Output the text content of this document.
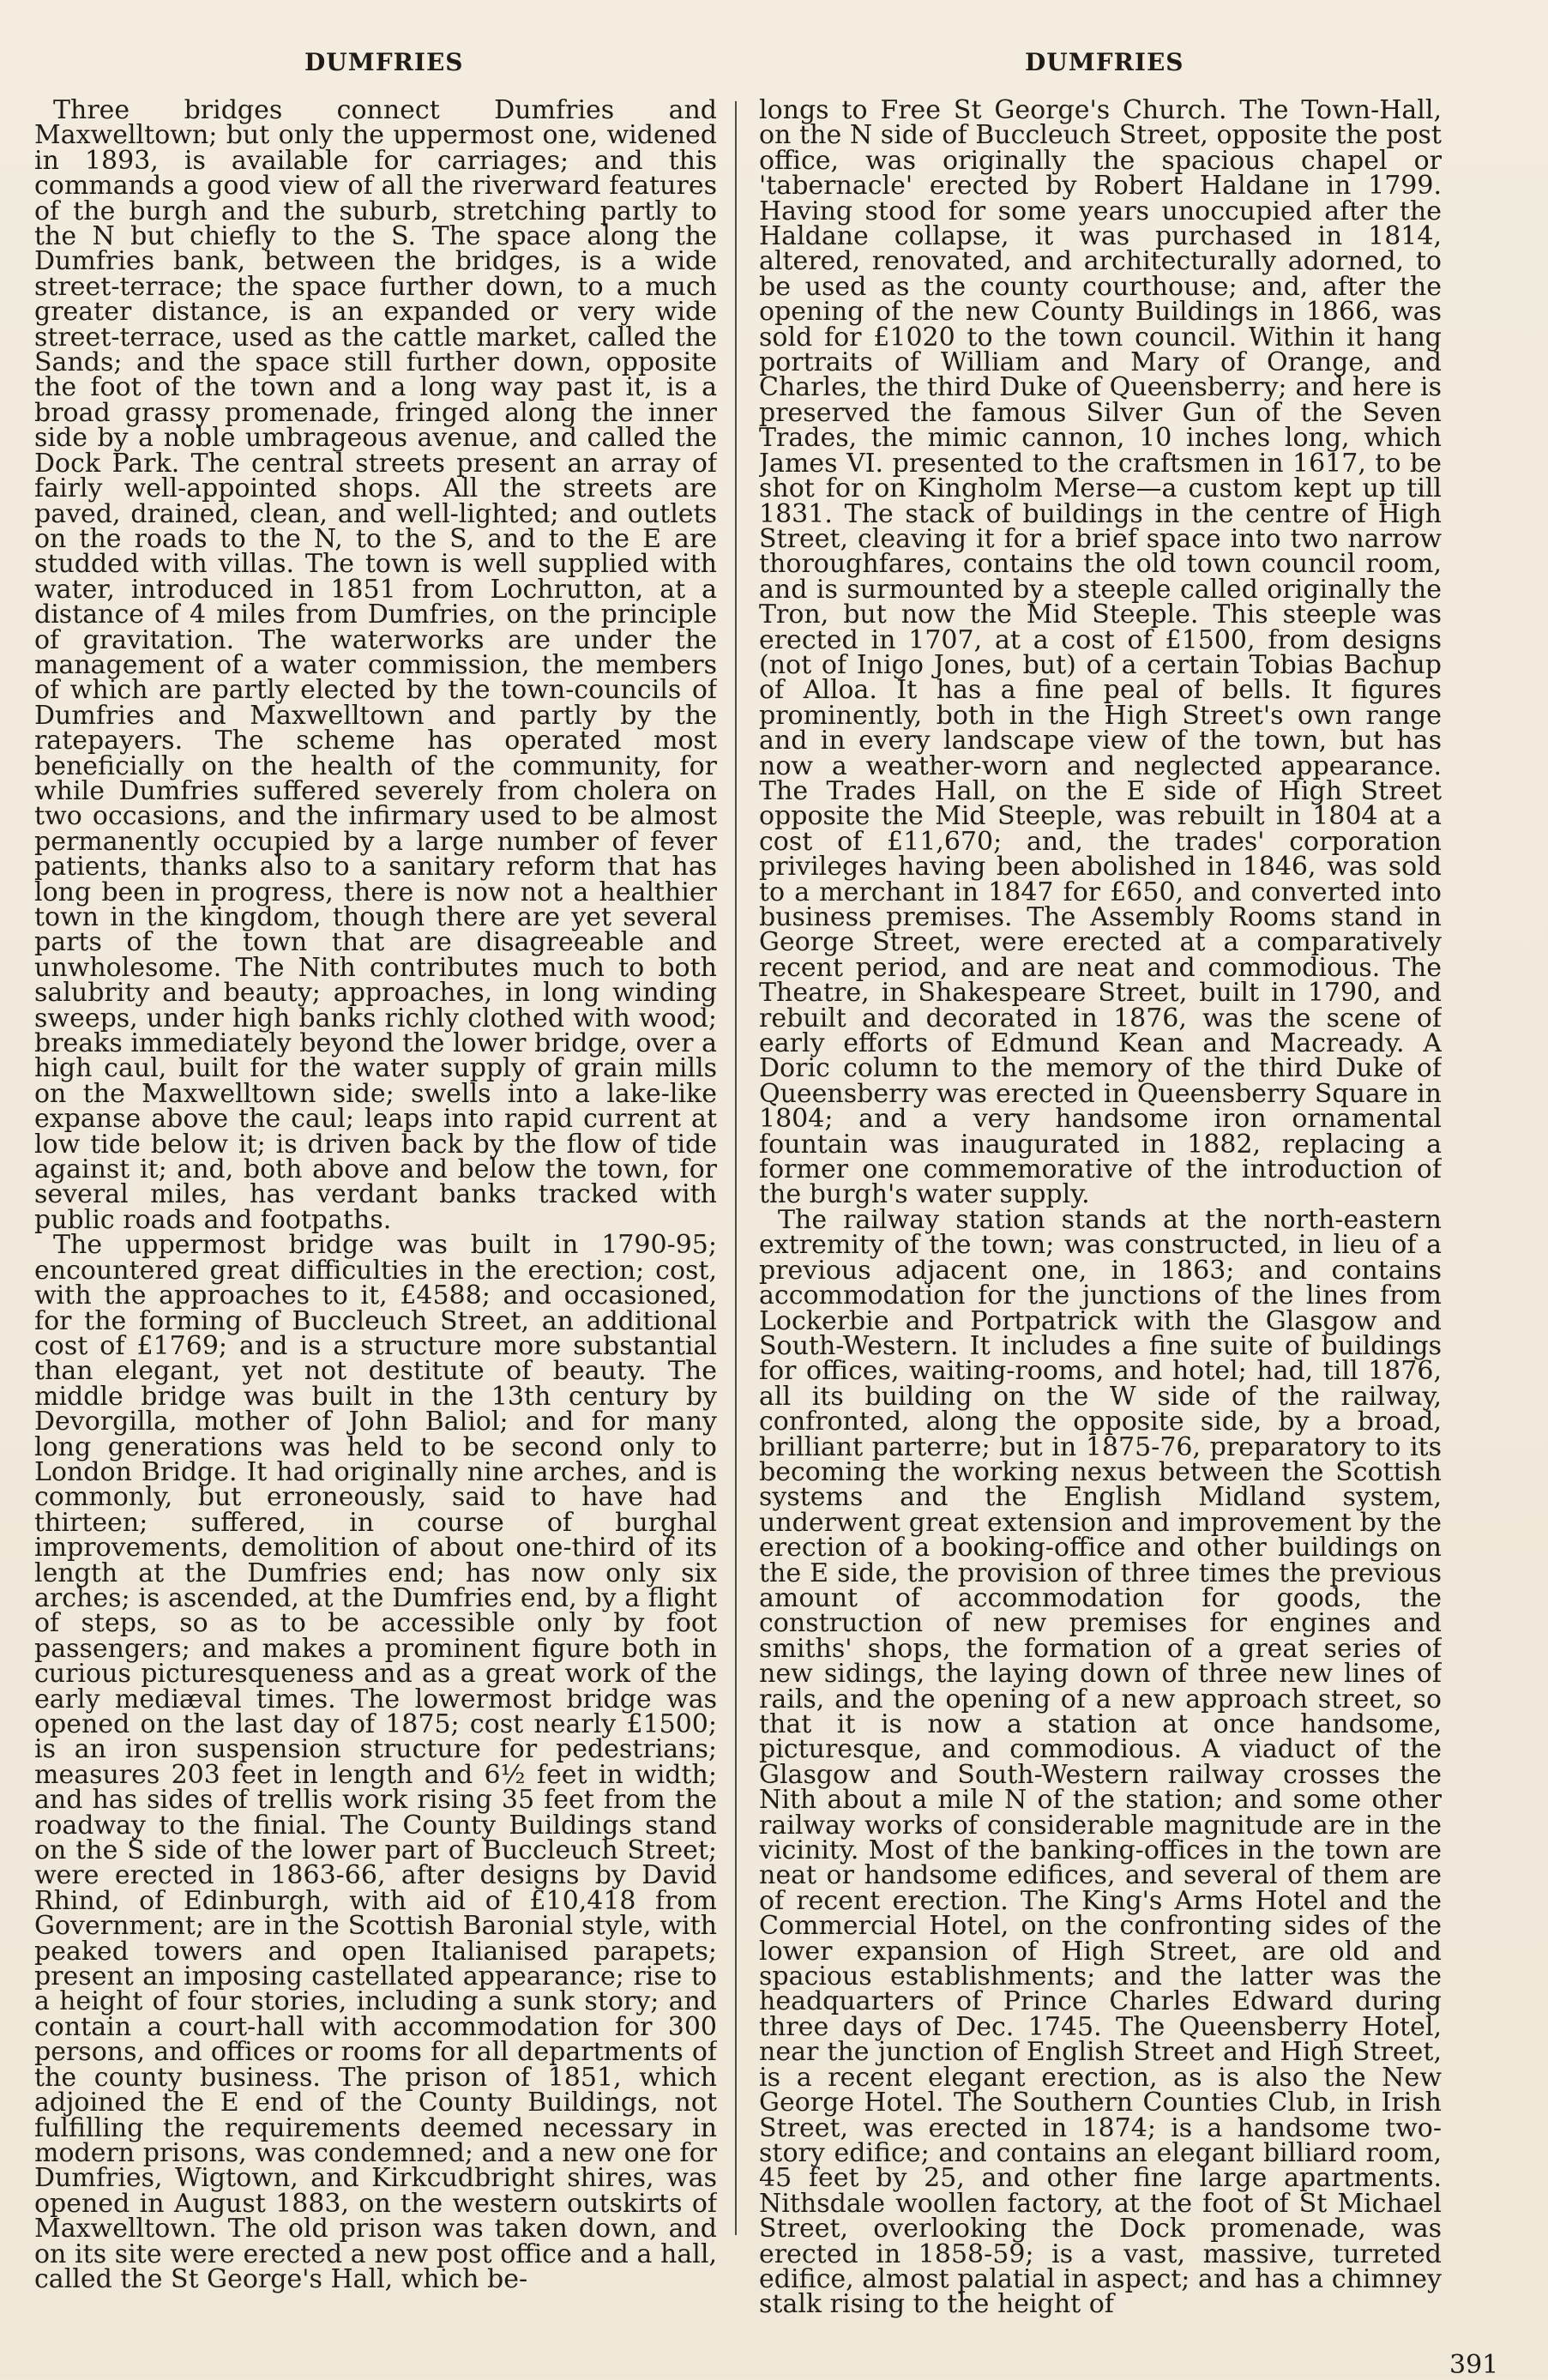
DUMFRIES	DUMFRIES

Three bridges connect Dumfries and Maxwelltown; but only the uppermost one, widened in 1893, is available for carriages; and this commands a good view of all the riverward features of the burgh and the suburb, stretching partly to the N but chiefly to the S. The space along the Dumfries bank, between the bridges, is a wide street-terrace; the space further down, to a much greater distance, is an expanded or very wide street-terrace, used as the cattle market, called the Sands; and the space still further down, opposite the foot of the town and a long way past it, is a broad grassy promenade, fringed along the inner side by a noble umbrageous avenue, and called the Dock Park. The central streets present an array of fairly well-appointed shops. All the streets are paved, drained, clean, and well-lighted; and outlets on the roads to the N, to the S, and to the E are studded with villas. The town is well supplied with water, introduced in 1851 from Lochrutton, at a distance of 4 miles from Dumfries, on the principle of gravitation. The waterworks are under the management of a water commission, the members of which are partly elected by the town-councils of Dumfries and Maxwelltown and partly by the ratepayers. The scheme has operated most beneficially on the health of the community, for while Dumfries suffered severely from cholera on two occasions, and the infirmary used to be almost permanently occupied by a large number of fever patients, thanks also to a sanitary reform that has long been in progress, there is now not a healthier town in the kingdom, though there are yet several parts of the town that are disagreeable and unwholesome. The Nith contributes much to both salubrity and beauty; approaches, in long winding sweeps, under high banks richly clothed with wood; breaks immediately beyond the lower bridge, over a high caul, built for the water supply of grain mills on the Maxwelltown side; swells into a lake-like expanse above the caul; leaps into rapid current at low tide below it; is driven back by the flow of tide against it; and, both above and below the town, for several miles, has verdant banks tracked with public roads and footpaths.

The uppermost bridge was built in 1790-95; encountered great difficulties in the erection; cost, with the approaches to it, £4588; and occasioned, for the forming of Buccleuch Street, an additional cost of £1769; and is a structure more substantial than elegant, yet not destitute of beauty. The middle bridge was built in the 13th century by Devorgilla, mother of John Baliol; and for many long generations was held to be second only to London Bridge. It had originally nine arches, and is commonly, but erroneously, said to have had thirteen; suffered, in course of burghal improvements, demolition of about one-third of its length at the Dumfries end; has now only six arches; is ascended, at the Dumfries end, by a flight of steps, so as to be accessible only by foot passengers; and makes a prominent figure both in curious picturesqueness and as a great work of the early mediæval times. The lowermost bridge was opened on the last day of 1875; cost nearly £1500; is an iron suspension structure for pedestrians; measures 203 feet in length and 6½ feet in width; and has sides of trellis work rising 35 feet from the roadway to the finial. The County Buildings stand on the S side of the lower part of Buccleuch Street; were erected in 1863-66, after designs by David Rhind, of Edinburgh, with aid of £10,418 from Government; are in the Scottish Baronial style, with peaked towers and open Italianised parapets; present an imposing castellated appearance; rise to a height of four stories, including a sunk story; and contain a court-hall with accommodation for 300 persons, and offices or rooms for all departments of the county business. The prison of 1851, which adjoined the E end of the County Buildings, not fulfilling the requirements deemed necessary in modern prisons, was condemned; and a new one for Dumfries, Wigtown, and Kirkcudbright shires, was opened in August 1883, on the western outskirts of Maxwelltown. The old prison was taken down, and on its site were erected a new post office and a hall, called the St George's Hall, which be-

longs to Free St George's Church. The Town-Hall, on the N side of Buccleuch Street, opposite the post office, was originally the spacious chapel or 'tabernacle' erected by Robert Haldane in 1799. Having stood for some years unoccupied after the Haldane collapse, it was purchased in 1814, altered, renovated, and architecturally adorned, to be used as the county courthouse; and, after the opening of the new County Buildings in 1866, was sold for £1020 to the town council. Within it hang portraits of William and Mary of Orange, and Charles, the third Duke of Queensberry; and here is preserved the famous Silver Gun of the Seven Trades, the mimic cannon, 10 inches long, which James VI. presented to the craftsmen in 1617, to be shot for on Kingholm Merse—a custom kept up till 1831. The stack of buildings in the centre of High Street, cleaving it for a brief space into two narrow thoroughfares, contains the old town council room, and is surmounted by a steeple called originally the Tron, but now the Mid Steeple. This steeple was erected in 1707, at a cost of £1500, from designs (not of Inigo Jones, but) of a certain Tobias Bachup of Alloa. It has a fine peal of bells. It figures prominently, both in the High Street's own range and in every landscape view of the town, but has now a weather-worn and neglected appearance. The Trades Hall, on the E side of High Street opposite the Mid Steeple, was rebuilt in 1804 at a cost of £11,670; and, the trades' corporation privileges having been abolished in 1846, was sold to a merchant in 1847 for £650, and converted into business premises. The Assembly Rooms stand in George Street, were erected at a comparatively recent period, and are neat and commodious. The Theatre, in Shakespeare Street, built in 1790, and rebuilt and decorated in 1876, was the scene of early efforts of Edmund Kean and Macready. A Doric column to the memory of the third Duke of Queensberry was erected in Queensberry Square in 1804; and a very handsome iron ornamental fountain was inaugurated in 1882, replacing a former one commemorative of the introduction of the burgh's water supply.

The railway station stands at the north-eastern extremity of the town; was constructed, in lieu of a previous adjacent one, in 1863; and contains accommodation for the junctions of the lines from Lockerbie and Portpatrick with the Glasgow and South-Western. It includes a fine suite of buildings for offices, waiting-rooms, and hotel; had, till 1876, all its building on the W side of the railway, confronted, along the opposite side, by a broad, brilliant parterre; but in 1875-76, preparatory to its becoming the working nexus between the Scottish systems and the English Midland system, underwent great extension and improvement by the erection of a booking-office and other buildings on the E side, the provision of three times the previous amount of accommodation for goods, the construction of new premises for engines and smiths' shops, the formation of a great series of new sidings, the laying down of three new lines of rails, and the opening of a new approach street, so that it is now a station at once handsome, picturesque, and commodious. A viaduct of the Glasgow and South-Western railway crosses the Nith about a mile N of the station; and some other railway works of considerable magnitude are in the vicinity. Most of the banking-offices in the town are neat or handsome edifices, and several of them are of recent erection. The King's Arms Hotel and the Commercial Hotel, on the confronting sides of the lower expansion of High Street, are old and spacious establishments; and the latter was the headquarters of Prince Charles Edward during three days of Dec. 1745. The Queensberry Hotel, near the junction of English Street and High Street, is a recent elegant erection, as is also the New George Hotel. The Southern Counties Club, in Irish Street, was erected in 1874; is a handsome two-story edifice; and contains an elegant billiard room, 45 feet by 25, and other fine large apartments. Nithsdale woollen factory, at the foot of St Michael Street, overlooking the Dock promenade, was erected in 1858-59; is a vast, massive, turreted edifice, almost palatial in aspect; and has a chimney stalk rising to the height of

391
